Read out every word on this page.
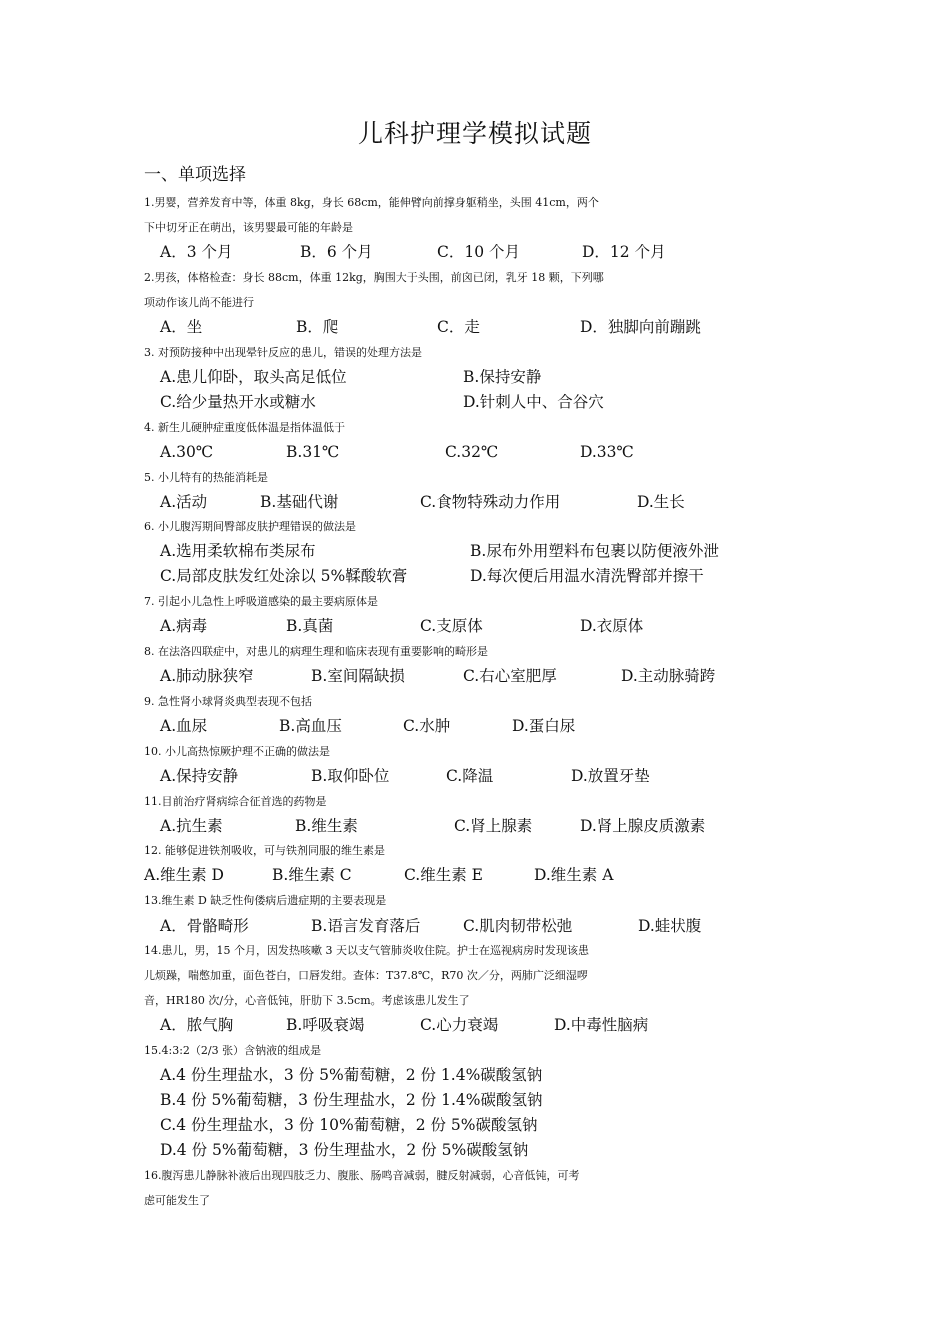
儿科护理学模拟试题
一、单项选择
1.男婴，营养发育中等，体重 8kg，身长 68cm，能伸臂向前撑身躯稍坐，头围 41cm，两个
下中切牙正在萌出，该男婴最可能的年龄是
A．3 个月	B．6 个月	C．10 个月	D．12 个月
2.男孩，体格检查：身长 88cm，体重 12kg，胸围大于头围，前囟已闭，乳牙 18 颗，下列哪
项动作该儿尚不能进行
A．坐	B．爬	C．走	D．独脚向前蹦跳
3. 对预防接种中出现晕针反应的患儿，错误的处理方法是
A.患儿仰卧，取头高足低位	B.保持安静
C.给少量热开水或糖水	D.针刺人中、合谷穴
4. 新生儿硬肿症重度低体温是指体温低于
A.30℃	B.31℃	C.32℃	D.33℃
5. 小儿特有的热能消耗是
A.活动	B.基础代谢	C.食物特殊动力作用	D.生长
6. 小儿腹泻期间臀部皮肤护理错误的做法是
A.选用柔软棉布类尿布	B.尿布外用塑料布包裹以防便液外泄
C.局部皮肤发红处涂以 5%鞣酸软膏	D.每次便后用温水清洗臀部并擦干
7. 引起小儿急性上呼吸道感染的最主要病原体是
A.病毒	B.真菌	C.支原体	D.衣原体
8. 在法洛四联症中，对患儿的病理生理和临床表现有重要影响的畸形是
A.肺动脉狭窄	B.室间隔缺损	C.右心室肥厚	D.主动脉骑跨
9. 急性肾小球肾炎典型表现不包括
A.血尿	B.高血压	C.水肿	D.蛋白尿
10. 小儿高热惊厥护理不正确的做法是
A.保持安静	B.取仰卧位	C.降温	D.放置牙垫
11.目前治疗肾病综合征首选的药物是
A.抗生素	B.维生素	C.肾上腺素	D.肾上腺皮质激素
12. 能够促进铁剂吸收，可与铁剂同服的维生素是
A.维生素 D	B.维生素 C	C.维生素 E	D.维生素 A
13.维生素 D 缺乏性佝偻病后遗症期的主要表现是
A．骨骼畸形	B.语言发育落后	C.肌肉韧带松弛	D.蛙状腹
14.患儿，男，15 个月，因发热咳嗽 3 天以支气管肺炎收住院。护士在巡视病房时发现该患
儿烦躁，喘憋加重，面色苍白，口唇发绀。查体：T37.8℃，R70 次／分，两肺广泛细湿啰
音，HR180 次/分，心音低钝，肝肋下 3.5cm。考虑该患儿发生了
A．脓气胸	B.呼吸衰竭	C.心力衰竭	D.中毒性脑病
15.4:3:2（2/3 张）含钠液的组成是
A.4 份生理盐水，3 份 5%葡萄糖，2 份 1.4%碳酸氢钠
B.4 份 5%葡萄糖，3 份生理盐水，2 份 1.4%碳酸氢钠
C.4 份生理盐水，3 份 10%葡萄糖，2 份 5%碳酸氢钠
D.4 份 5%葡萄糖，3 份生理盐水，2 份 5%碳酸氢钠
16.腹泻患儿静脉补液后出现四肢乏力、腹胀、肠鸣音减弱，腱反射减弱，心音低钝，可考
虑可能发生了
